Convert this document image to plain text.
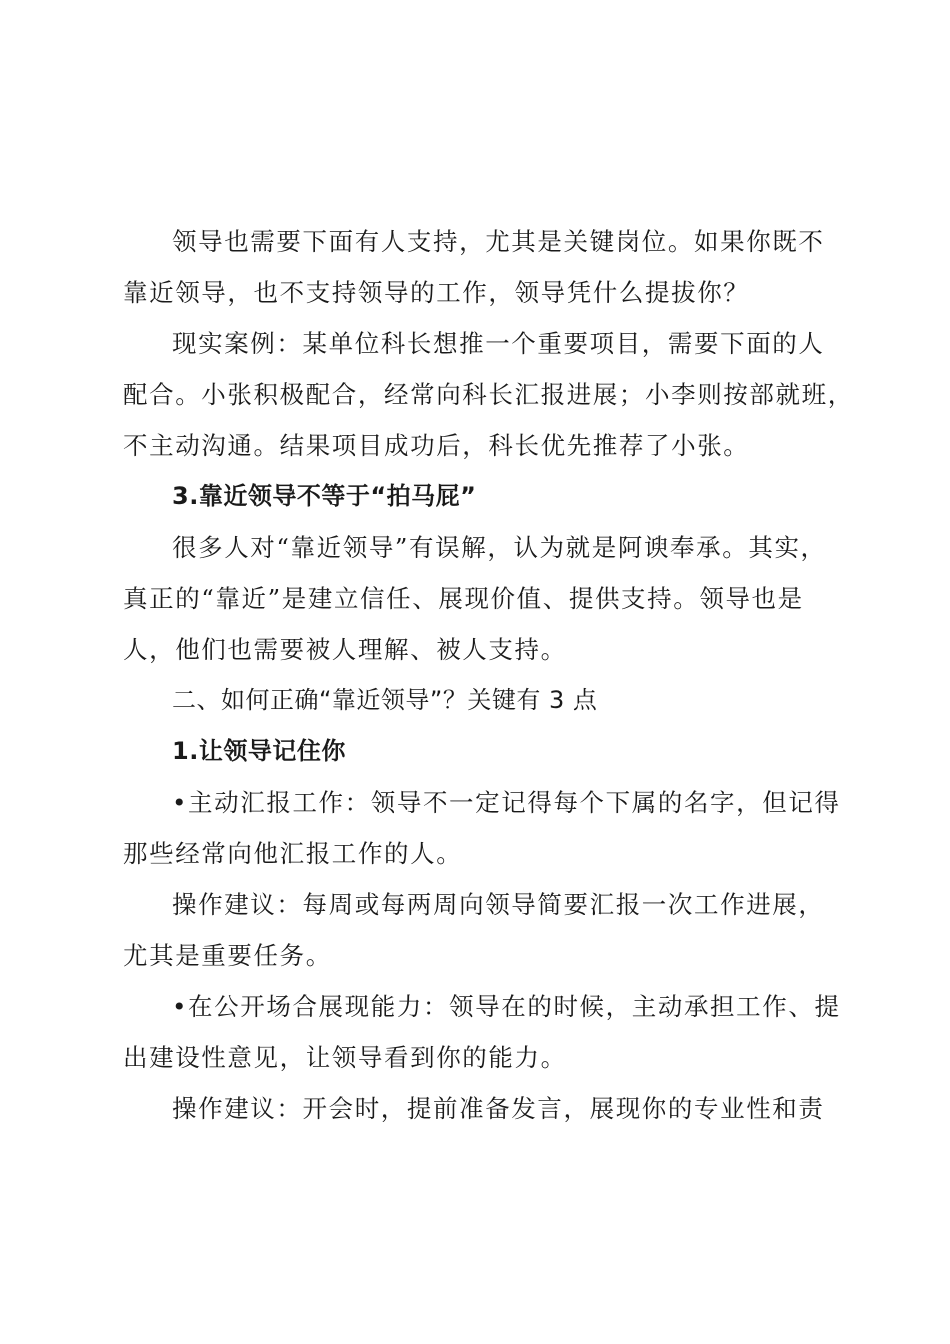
领导也需要下面有人支持，尤其是关键岗位。如果你既不
靠近领导，也不支持领导的工作，领导凭什么提拔你？

现实案例：某单位科长想推一个重要项目，需要下面的人
配合。小张积极配合，经常向科长汇报进展；小李则按部就班，
不主动沟通。结果项目成功后，科长优先推荐了小张。

3.靠近领导不等于“拍马屁”

很多人对“靠近领导”有误解，认为就是阿谀奉承。其实，
真正的“靠近”是建立信任、展现价值、提供支持。领导也是
人，他们也需要被人理解、被人支持。

二、如何正确“靠近领导”？关键有 3 点

1.让领导记住你

•主动汇报工作：领导不一定记得每个下属的名字，但记得
那些经常向他汇报工作的人。

操作建议：每周或每两周向领导简要汇报一次工作进展，
尤其是重要任务。

•在公开场合展现能力：领导在的时候，主动承担工作、提
出建设性意见，让领导看到你的能力。

操作建议：开会时，提前准备发言，展现你的专业性和责
